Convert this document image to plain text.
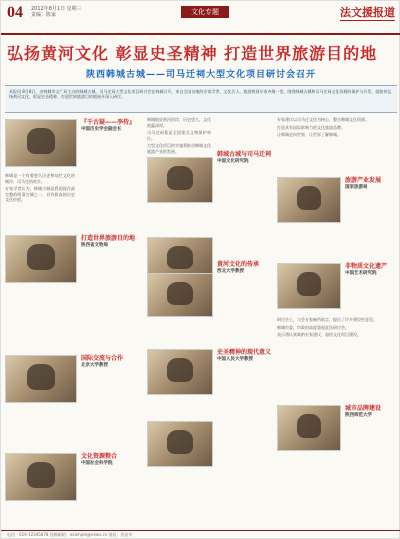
04 2012年8月1日 星期三
责编：陈家	文化专题	法文援报道
弘扬黄河文化 彰显史圣精神 打造世界旅游目的地
陕西韩城古城——司马迁祠大型文化项目研讨会召开
本报讯 8月8日，由韩城市文广局主办的韩城古城、司马迁祠大型文化项目研讨会在韩城召开。来自全国各地的专家学者、文化名人、旅游规划专家齐聚一堂，围绕韩城古城和司马迁祠文化资源的保护与开发，就如何弘扬黄河文化、彰显史圣精神、打造世界旅游目的地展开深入研讨。
『千古疑——李侍』
中国历史学会副会长

韩城是一个有着悠久历史和灿烂文化的城市，司马迁的故乡。

专家学者认为，韩城古城是我国保存最完整的明清古城之一，具有极高的历史文化价值。

打造世界旅游目的地
陕西省文物局
国际交流与合作
北京大学教授
文化资源整合
中国社会科学院

韩城地处黄河西岸，历史悠久，文化底蕴深厚。

司马迁祠墓是全国重点文物保护单位。

大型文化项目的实施将推动韩城文化旅游产业的发展。	韩城古城与司马迁祠
中国文化研究院
黄河文化的传承
西北大学教授
史圣精神的现代意义
中国人民大学教授

专家建议以司马迁文化为核心，整合韩城文化资源。

打造具有国际影响力的文化旅游品牌。

让韩城走向世界，让世界了解韩城。

旅游产业发展
国家旅游局
非物质文化遗产
中国艺术研究院

研讨会上，与会专家畅所欲言，提出了许多建设性意见。

韩城市委、市政府高度重视此次研讨会。

表示将认真吸纳专家建议，加快文化项目建设。

城市品牌建设
陕西师范大学
电话：029-12345678 投稿邮箱：example@news.cn 地址：西安市
